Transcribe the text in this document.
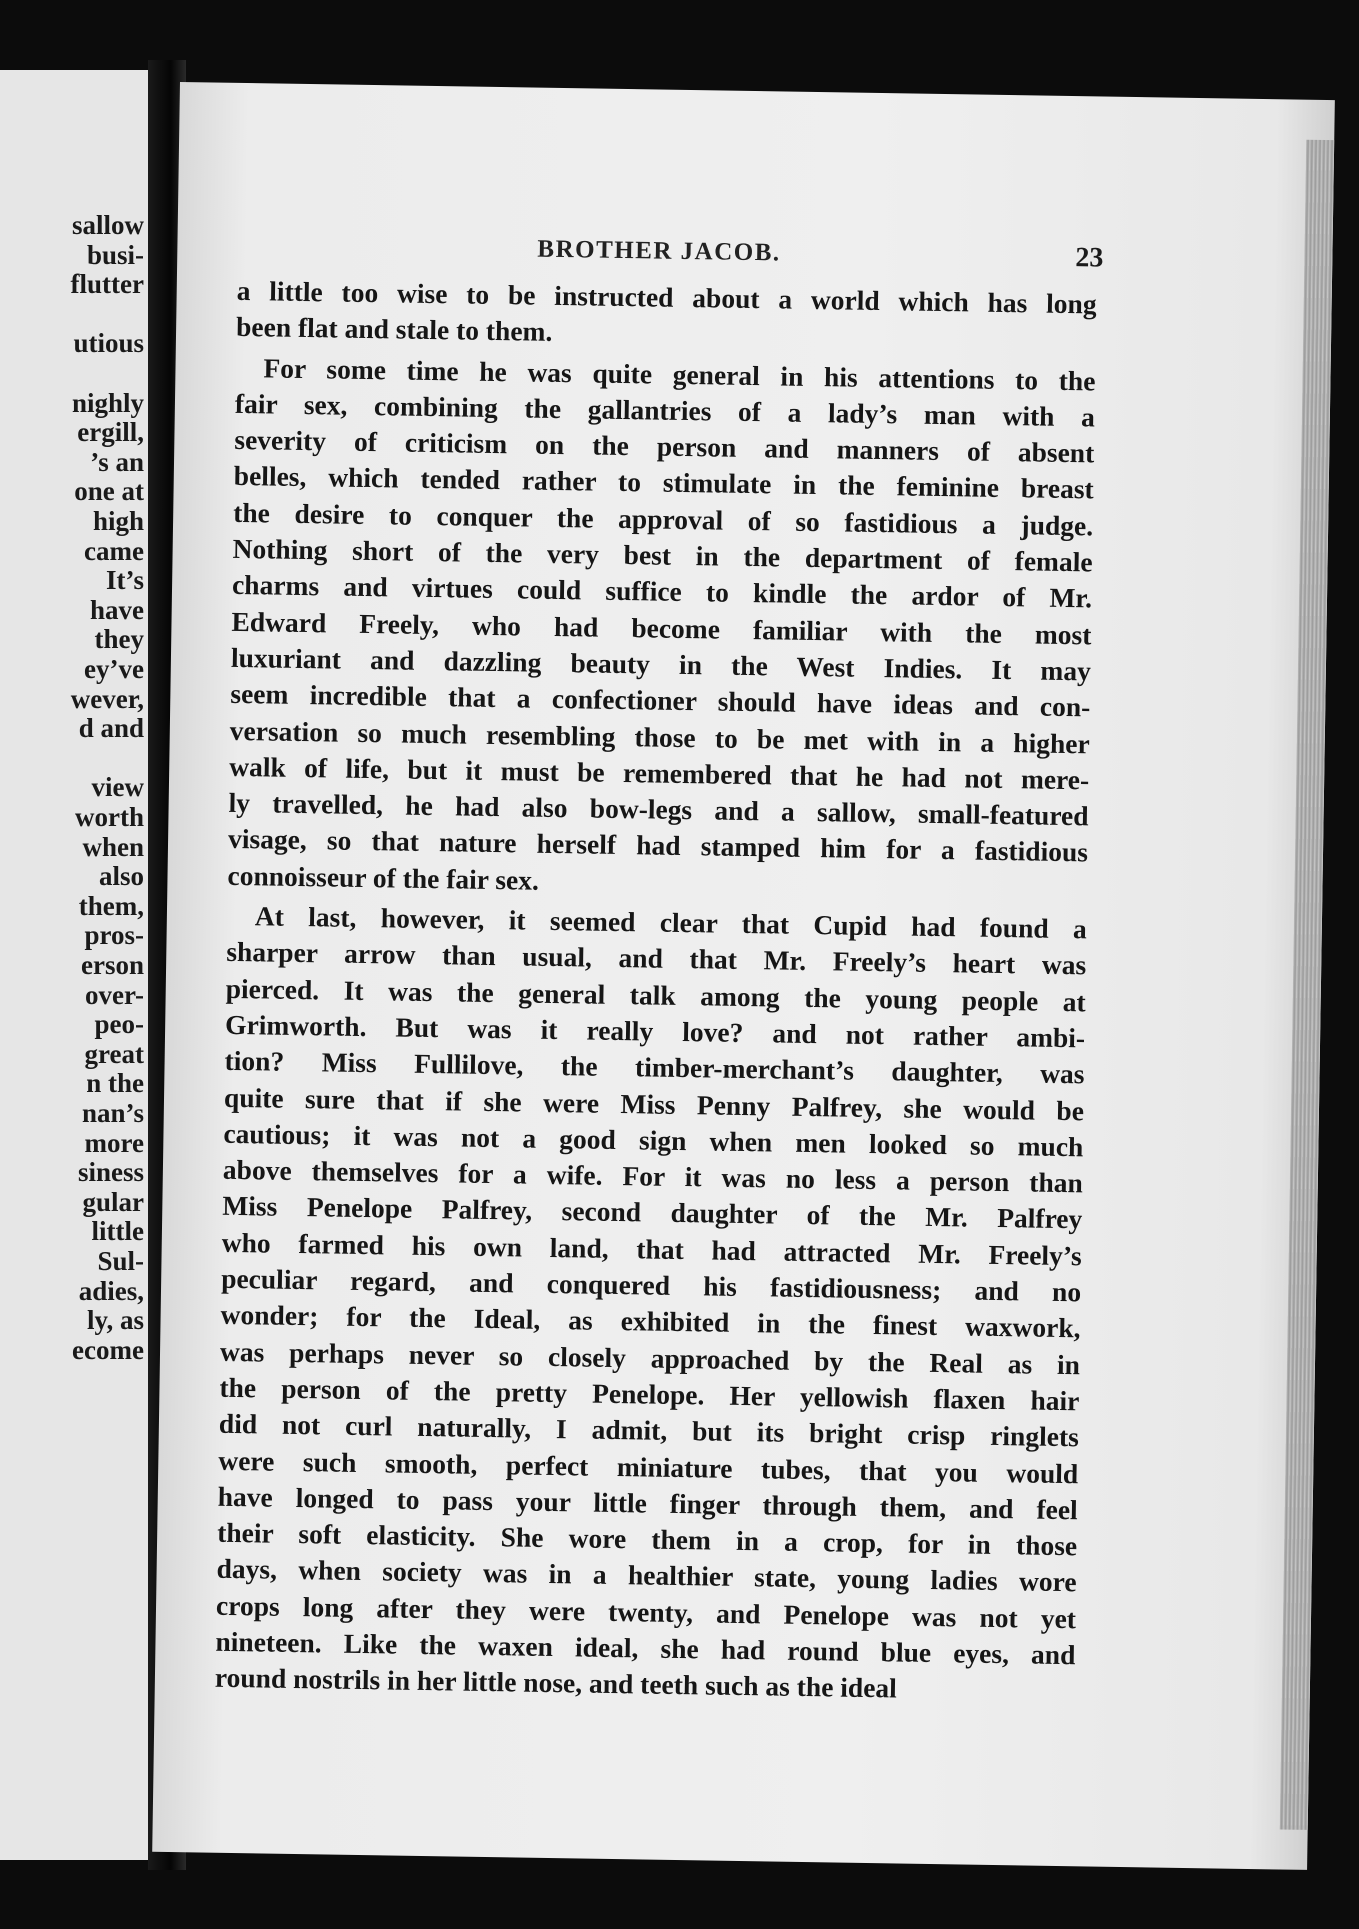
sallow
busi-
flutter
utious
nighly
ergill,
’s an
one at
high
came
It’s
have
they
ey’ve
wever,
d and
view
worth
when
also
them,
pros-
erson
over-
peo-
great
n the
nan’s
more
siness
gular
little
Sul-
adies,
ly, as
ecome
BROTHER JACOB.	23
a little too wise to be instructed about a world which has long
been flat and stale to them.
For some time he was quite general in his attentions to the
fair sex, combining the gallantries of a lady’s man with a
severity of criticism on the person and manners of absent
belles, which tended rather to stimulate in the feminine breast
the desire to conquer the approval of so fastidious a judge.
Nothing short of the very best in the department of female
charms and virtues could suffice to kindle the ardor of Mr.
Edward Freely, who had become familiar with the most
luxuriant and dazzling beauty in the West Indies. It may
seem incredible that a confectioner should have ideas and con-
versation so much resembling those to be met with in a higher
walk of life, but it must be remembered that he had not mere-
ly travelled, he had also bow-legs and a sallow, small-featured
visage, so that nature herself had stamped him for a fastidious
connoisseur of the fair sex.
At last, however, it seemed clear that Cupid had found a
sharper arrow than usual, and that Mr. Freely’s heart was
pierced. It was the general talk among the young people at
Grimworth. But was it really love? and not rather ambi-
tion? Miss Fullilove, the timber-merchant’s daughter, was
quite sure that if she were Miss Penny Palfrey, she would be
cautious; it was not a good sign when men looked so much
above themselves for a wife. For it was no less a person than
Miss Penelope Palfrey, second daughter of the Mr. Palfrey
who farmed his own land, that had attracted Mr. Freely’s
peculiar regard, and conquered his fastidiousness; and no
wonder; for the Ideal, as exhibited in the finest waxwork,
was perhaps never so closely approached by the Real as in
the person of the pretty Penelope. Her yellowish flaxen hair
did not curl naturally, I admit, but its bright crisp ringlets
were such smooth, perfect miniature tubes, that you would
have longed to pass your little finger through them, and feel
their soft elasticity. She wore them in a crop, for in those
days, when society was in a healthier state, young ladies wore
crops long after they were twenty, and Penelope was not yet
nineteen. Like the waxen ideal, she had round blue eyes, and
round nostrils in her little nose, and teeth such as the ideal
